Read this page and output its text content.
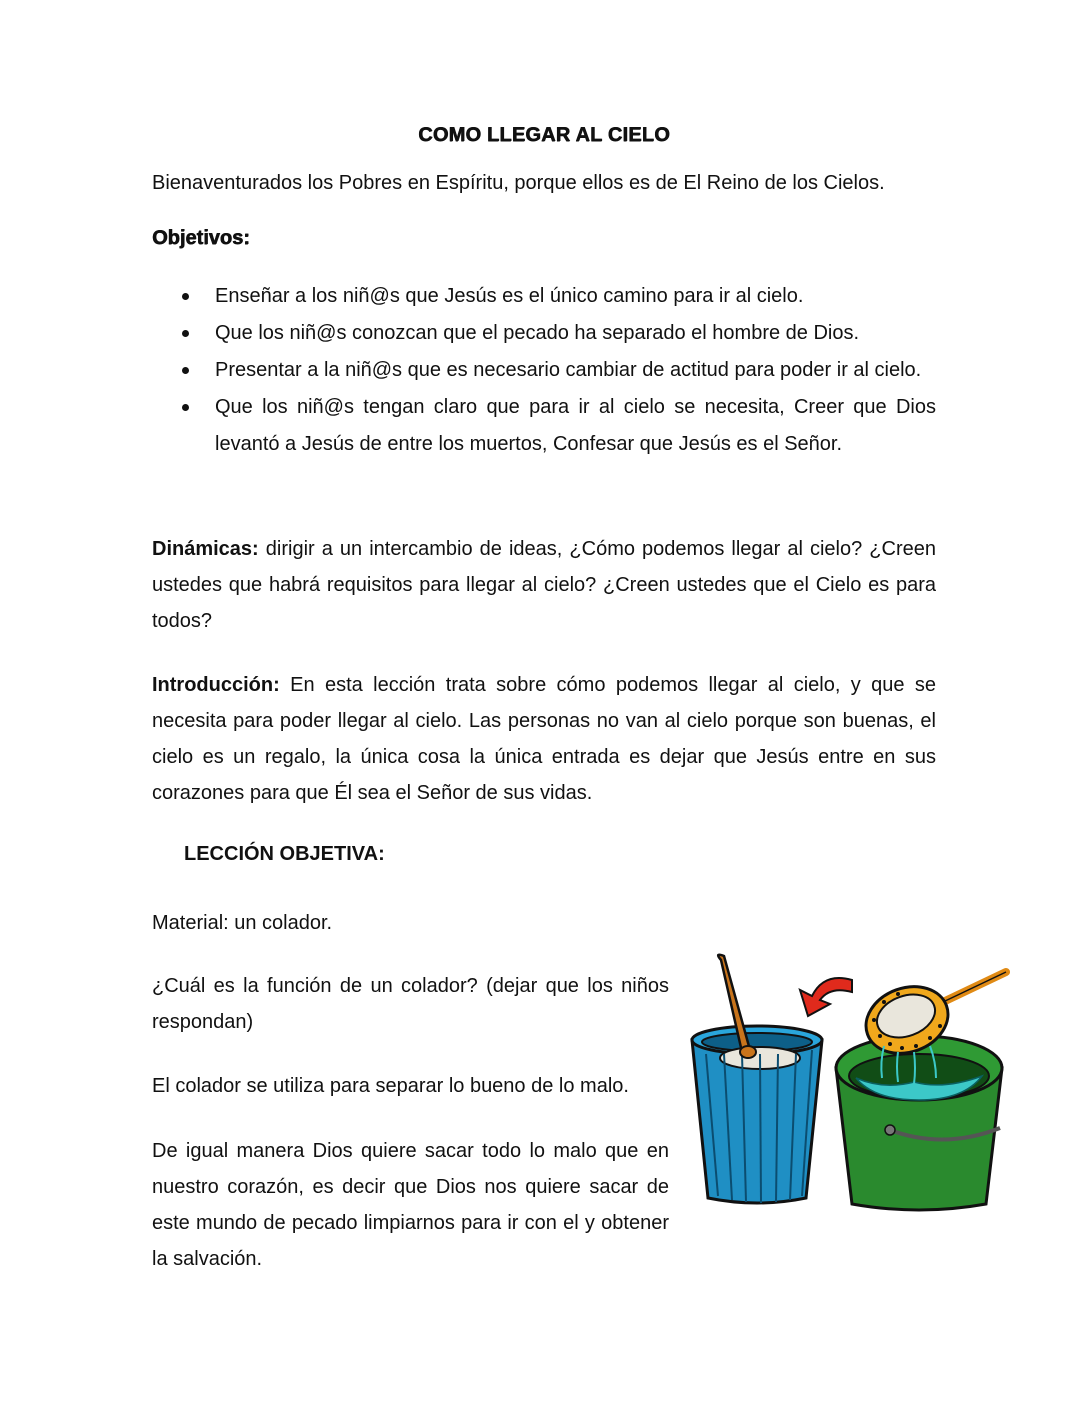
COMO LLEGAR AL CIELO
Bienaventurados los Pobres en Espíritu, porque ellos es de El Reino de los Cielos.
Objetivos:
Enseñar a los niñ@s que Jesús es el único camino para ir al cielo.
Que los niñ@s conozcan que el pecado ha separado el hombre de Dios.
Presentar a la niñ@s que es necesario cambiar de actitud para poder ir al cielo.
Que los niñ@s tengan claro que para ir al cielo se necesita, Creer que Dios levantó a Jesús de entre los muertos, Confesar que Jesús es el Señor.
Dinámicas: dirigir a un intercambio de ideas, ¿Cómo podemos llegar al cielo? ¿Creen ustedes que habrá requisitos para llegar al cielo? ¿Creen ustedes que el Cielo es para todos?
Introducción: En esta lección trata sobre cómo podemos llegar al cielo, y que se necesita para poder llegar al cielo. Las personas no van al cielo porque son buenas, el cielo es un regalo, la única cosa la única entrada es dejar que Jesús entre en sus corazones para que Él sea el Señor de sus vidas.
LECCIÓN OBJETIVA:
Material: un colador.
¿Cuál es la función de un colador? (dejar que los niños respondan)
El colador se utiliza para separar lo bueno de lo malo.
De igual manera Dios quiere sacar todo lo malo que en nuestro corazón, es decir que Dios nos quiere sacar de este mundo de pecado limpiarnos para ir con el y obtener la salvación.
